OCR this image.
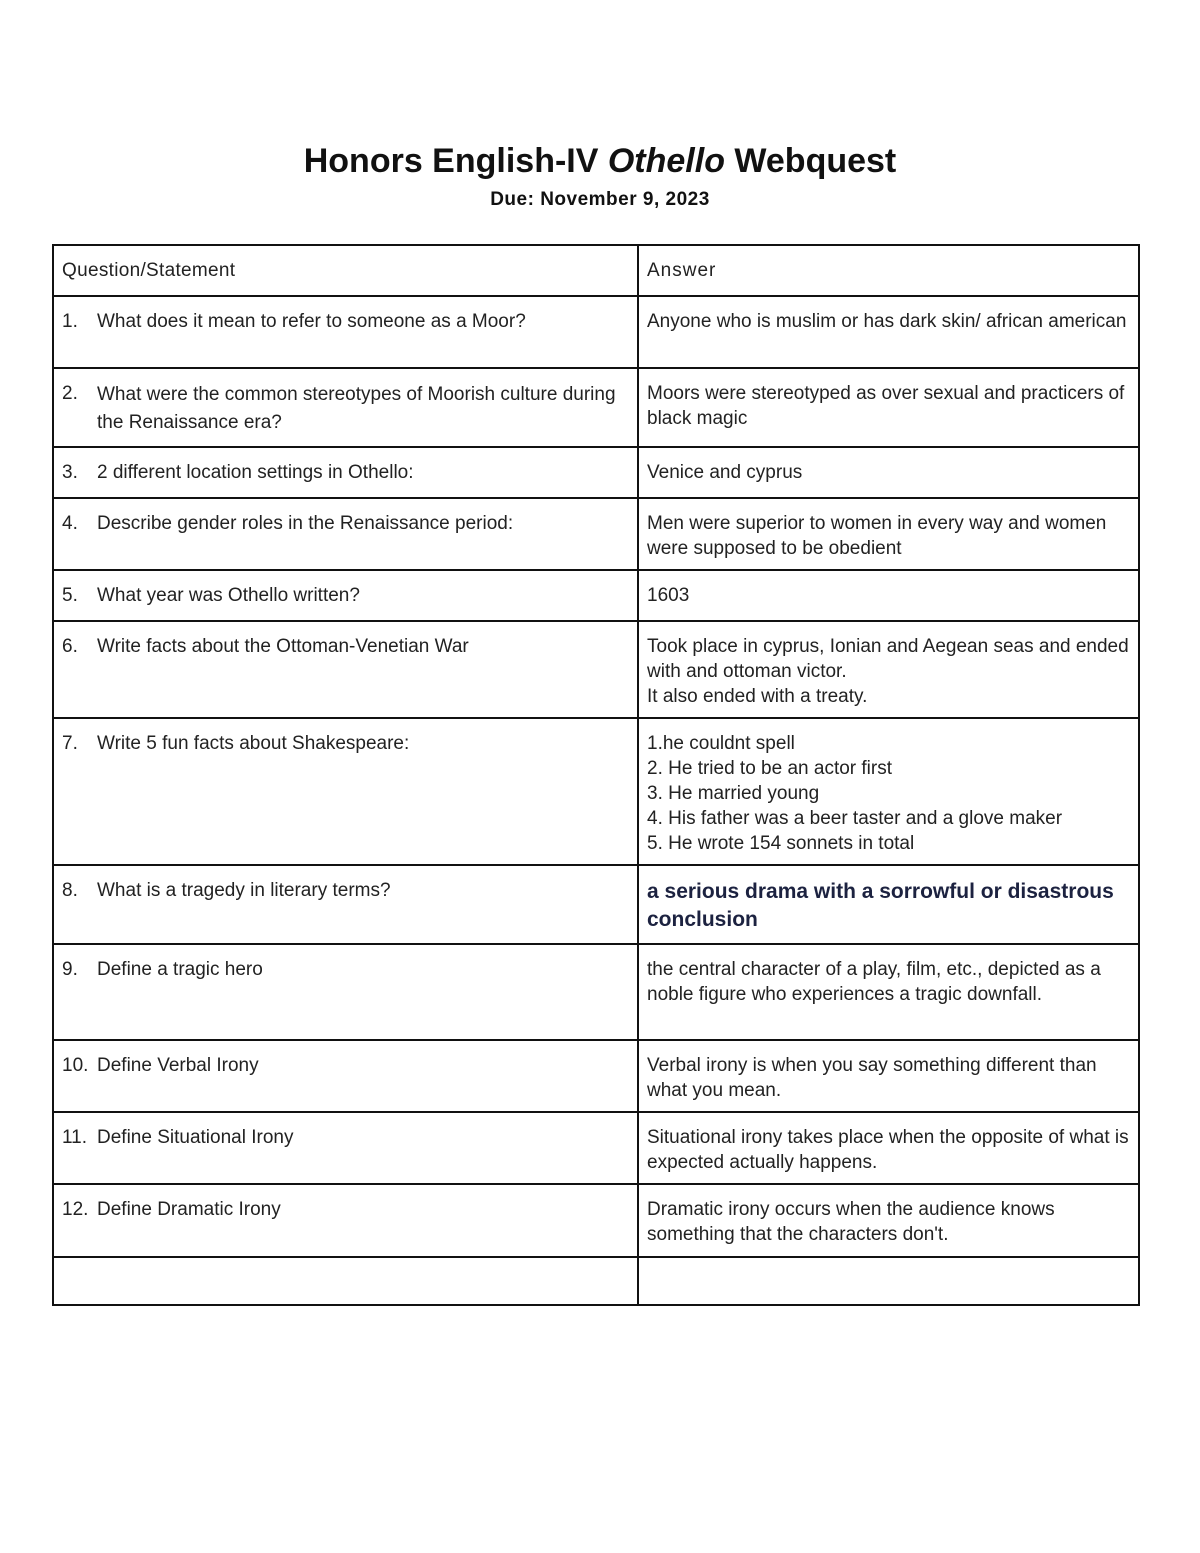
Honors English-IV Othello Webquest
Due: November 9, 2023
Question/Statement	Answer

1. What does it mean to refer to someone as a Moor?	Anyone who is muslim or has dark skin/ african american

2. What were the common stereotypes of Moorish culture during the Renaissance era?	Moors were stereotyped as over sexual and practicers of black magic

3. 2 different location settings in Othello:	Venice and cyprus

4. Describe gender roles in the Renaissance period:	Men were superior to women in every way and women were supposed to be obedient

5. What year was Othello written?	1603

6. Write facts about the Ottoman-Venetian War	Took place in cyprus, Ionian and Aegean seas and ended with and ottoman victor.
It also ended with a treaty.

7. Write 5 fun facts about Shakespeare:	1.he couldnt spell
2. He tried to be an actor first
3. He married young
4. His father was a beer taster and a glove maker
5. He wrote 154 sonnets in total

8. What is a tragedy in literary terms?	a serious drama with a sorrowful or disastrous conclusion

9. Define a tragic hero	the central character of a play, film, etc., depicted as a noble figure who experiences a tragic downfall.

10. Define Verbal Irony	Verbal irony is when you say something different than what you mean.

11. Define Situational Irony	Situational irony takes place when the opposite of what is expected actually happens.

12. Define Dramatic Irony	Dramatic irony occurs when the audience knows something that the characters don't.
